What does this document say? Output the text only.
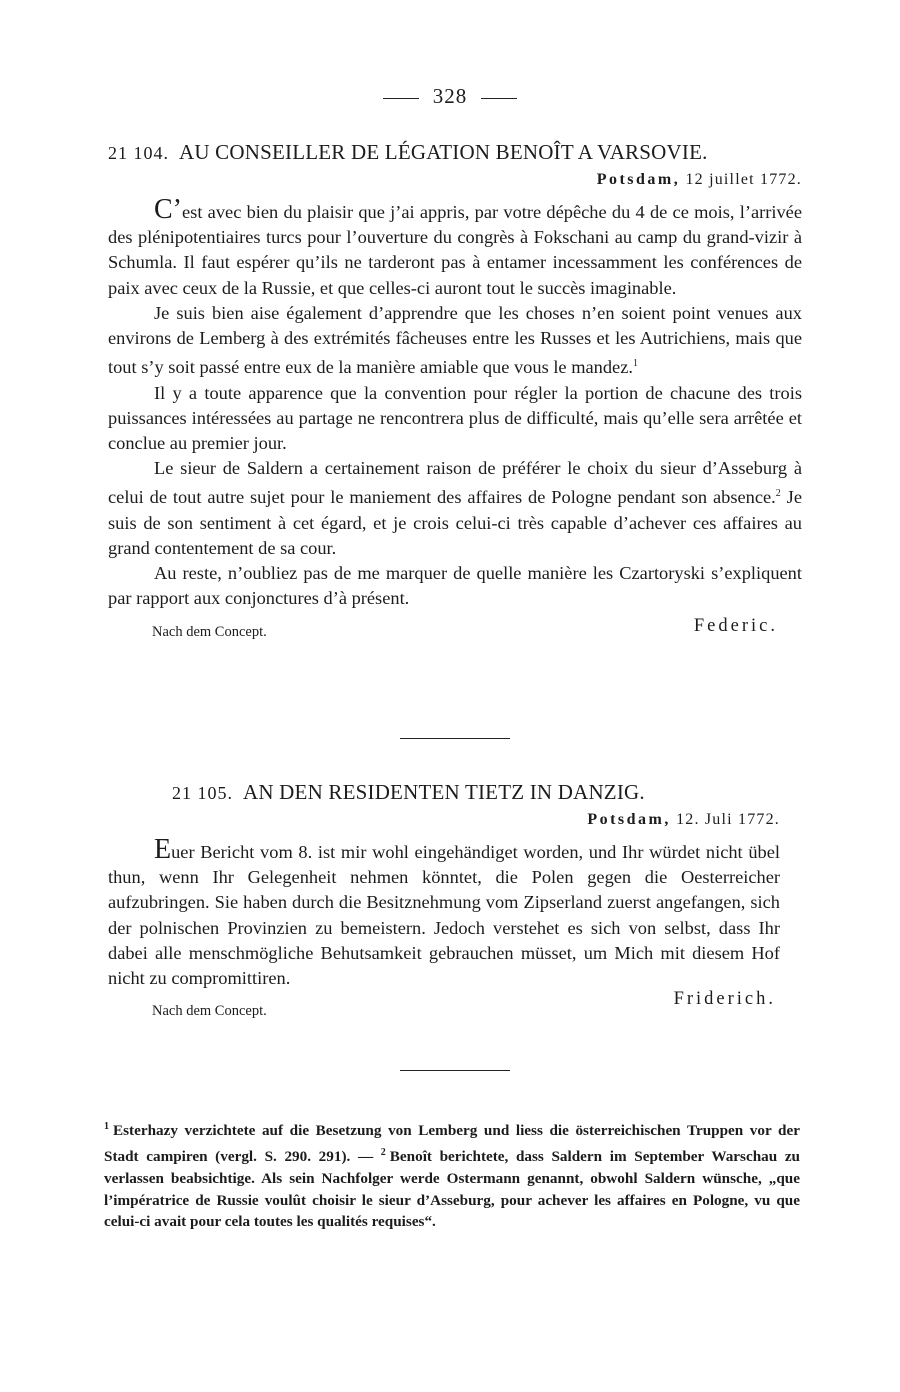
328
21 104. AU CONSEILLER DE LÉGATION BENOÎT A VARSOVIE.
Potsdam, 12 juillet 1772.

C’est avec bien du plaisir que j’ai appris, par votre dépêche du 4 de ce mois, l’arrivée des plénipotentiaires turcs pour l’ouverture du congrès à Fokschani au camp du grand-vizir à Schumla. Il faut espérer qu’ils ne tarderont pas à entamer incessamment les conférences de paix avec ceux de la Russie, et que celles-ci auront tout le succès imaginable.

Je suis bien aise également d’apprendre que les choses n’en soient point venues aux environs de Lemberg à des extrémités fâcheuses entre les Russes et les Autrichiens, mais que tout s’y soit passé entre eux de la manière amiable que vous le mandez.$^1$

Il y a toute apparence que la convention pour régler la portion de chacune des trois puissances intéressées au partage ne rencontrera plus de difficulté, mais qu’elle sera arrêtée et conclue au premier jour.

Le sieur de Saldern a certainement raison de préférer le choix du sieur d’Asseburg à celui de tout autre sujet pour le maniement des affaires de Pologne pendant son absence.$^2$ Je suis de son sentiment à cet égard, et je crois celui-ci très capable d’achever ces affaires au grand contentement de sa cour.

Au reste, n’oubliez pas de me marquer de quelle manière les Czartoryski s’expliquent par rapport aux conjonctures d’à présent.

Nach dem Concept.	Federic.
21 105. AN DEN RESIDENTEN TIETZ IN DANZIG.
Potsdam, 12. Juli 1772.

Euer Bericht vom 8. ist mir wohl eingehändiget worden, und Ihr würdet nicht übel thun, wenn Ihr Gelegenheit nehmen könntet, die Polen gegen die Oesterreicher aufzubringen. Sie haben durch die Besitznehmung vom Zipserland zuerst angefangen, sich der polnischen Provinzien zu bemeistern. Jedoch verstehet es sich von selbst, dass Ihr dabei alle menschmögliche Behutsamkeit gebrauchen müsset, um Mich mit diesem Hof nicht zu compromittiren.

Nach dem Concept.
Friderich.
$^1$ Esterhazy verzichtete auf die Besetzung von Lemberg und liess die österreichischen Truppen vor der Stadt campiren (vergl. S. 290. 291). — $^2$ Benoît berichtete, dass Saldern im September Warschau zu verlassen beabsichtige. Als sein Nachfolger werde Ostermann genannt, obwohl Saldern wünsche, „que l’impératrice de Russie voulût choisir le sieur d’Asseburg, pour achever les affaires en Pologne, vu que celui-ci avait pour cela toutes les qualités requises“.
